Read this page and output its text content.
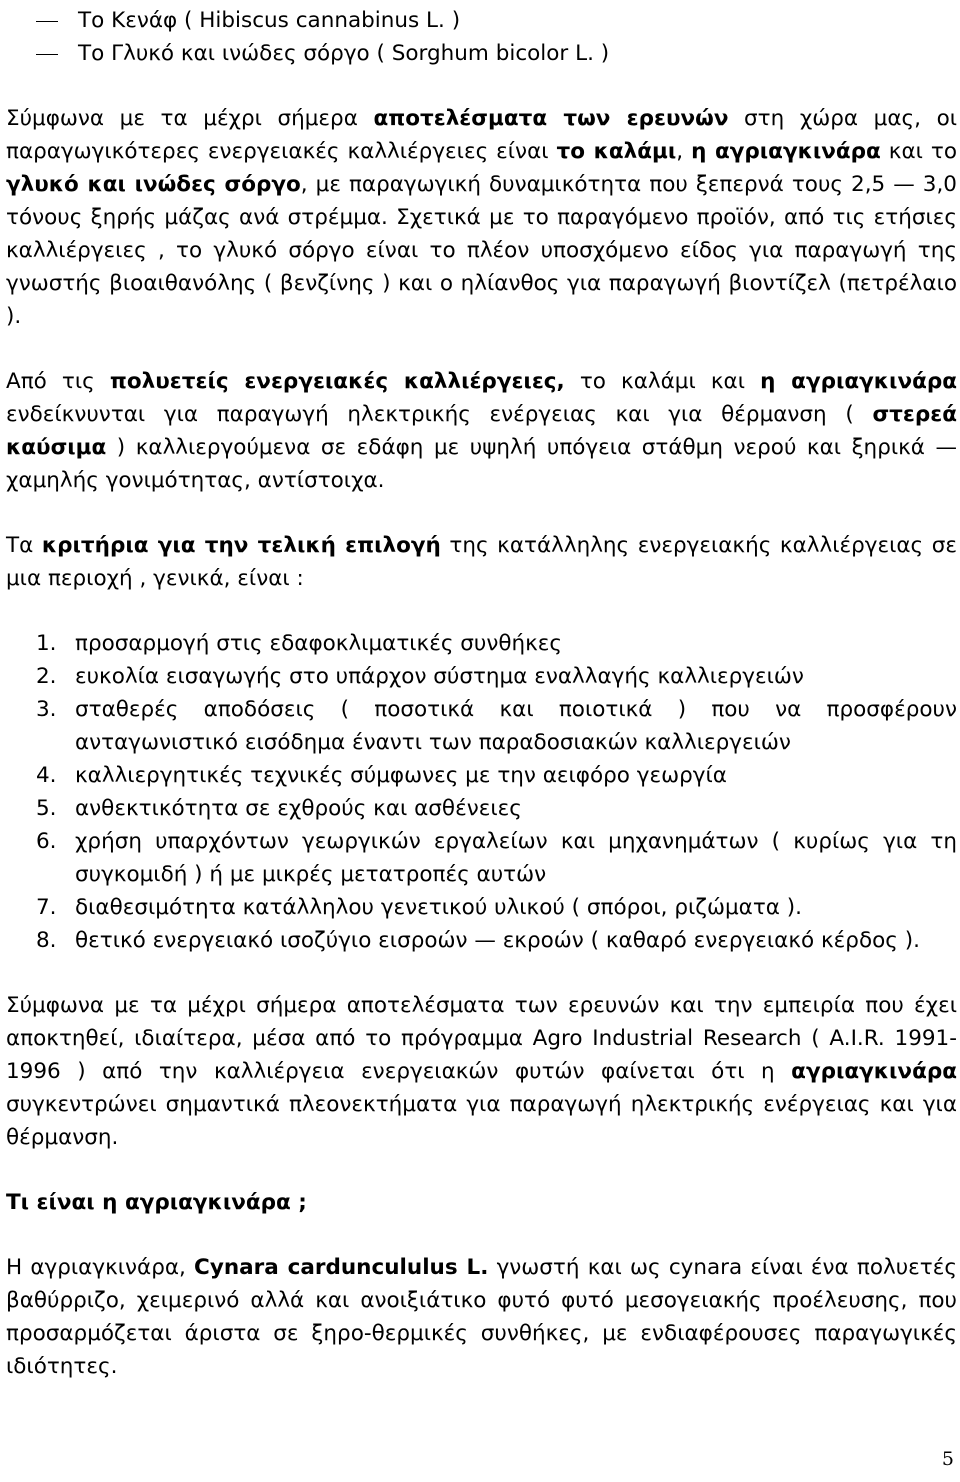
Το Κενάφ ( Hibiscus cannabinus L. )
Το Γλυκό και ινώδες σόργο ( Sorghum bicolor L. )

Σύμφωνα με τα μέχρι σήμερα αποτελέσματα των ερευνών στη χώρα μας, οι παραγωγικότερες ενεργειακές καλλιέργειες είναι το καλάμι, η αγριαγκινάρα και το γλυκό και ινώδες σόργο, με παραγωγική δυναμικότητα που ξεπερνά τους 2,5 — 3,0 τόνους ξηρής μάζας ανά στρέμμα. Σχετικά με το παραγόμενο προϊόν, από τις ετήσιες καλλιέργειες , το γλυκό σόργο είναι το πλέον υποσχόμενο είδος για παραγωγή της γνωστής βιοαιθανόλης ( βενζίνης ) και ο ηλίανθος για παραγωγή βιοντίζελ (πετρέλαιο ).

Από τις πολυετείς ενεργειακές καλλιέργειες, το καλάμι και η αγριαγκινάρα ενδείκνυνται για παραγωγή ηλεκτρικής ενέργειας και για θέρμανση ( στερεά καύσιμα ) καλλιεργούμενα σε εδάφη με υψηλή υπόγεια στάθμη νερού και ξηρικά — χαμηλής γονιμότητας, αντίστοιχα.

Τα κριτήρια για την τελική επιλογή της κατάλληλης ενεργειακής καλλιέργειας σε μια περιοχή , γενικά, είναι :

1. προσαρμογή στις εδαφοκλιματικές συνθήκες
2. ευκολία εισαγωγής στο υπάρχον σύστημα εναλλαγής καλλιεργειών
3. σταθερές αποδόσεις ( ποσοτικά και ποιοτικά ) που να προσφέρουν ανταγωνιστικό εισόδημα έναντι των παραδοσιακών καλλιεργειών
4. καλλιεργητικές τεχνικές σύμφωνες με την αειφόρο γεωργία
5. ανθεκτικότητα σε εχθρούς και ασθένειες
6. χρήση υπαρχόντων γεωργικών εργαλείων και μηχανημάτων ( κυρίως για τη συγκομιδή ) ή με μικρές μετατροπές αυτών
7. διαθεσιμότητα κατάλληλου γενετικού υλικού ( σπόροι, ριζώματα ).
8. θετικό ενεργειακό ισοζύγιο εισροών — εκροών ( καθαρό ενεργειακό κέρδος ).

Σύμφωνα με τα μέχρι σήμερα αποτελέσματα των ερευνών και την εμπειρία που έχει αποκτηθεί, ιδιαίτερα, μέσα από το πρόγραμμα Agro Industrial Research ( A.I.R. 1991-1996 ) από την καλλιέργεια ενεργειακών φυτών φαίνεται ότι η αγριαγκινάρα συγκεντρώνει σημαντικά πλεονεκτήματα για παραγωγή ηλεκτρικής ενέργειας και για θέρμανση.

Τι είναι η αγριαγκινάρα ;

Η αγριαγκινάρα, Cynara carduncululus L. γνωστή και ως cynara είναι ένα πολυετές βαθύρριζο, χειμερινό αλλά και ανοιξιάτικο φυτό φυτό μεσογειακής προέλευσης, που προσαρμόζεται άριστα σε ξηρο-θερμικές συνθήκες, με ενδιαφέρουσες παραγωγικές ιδιότητες.

5
